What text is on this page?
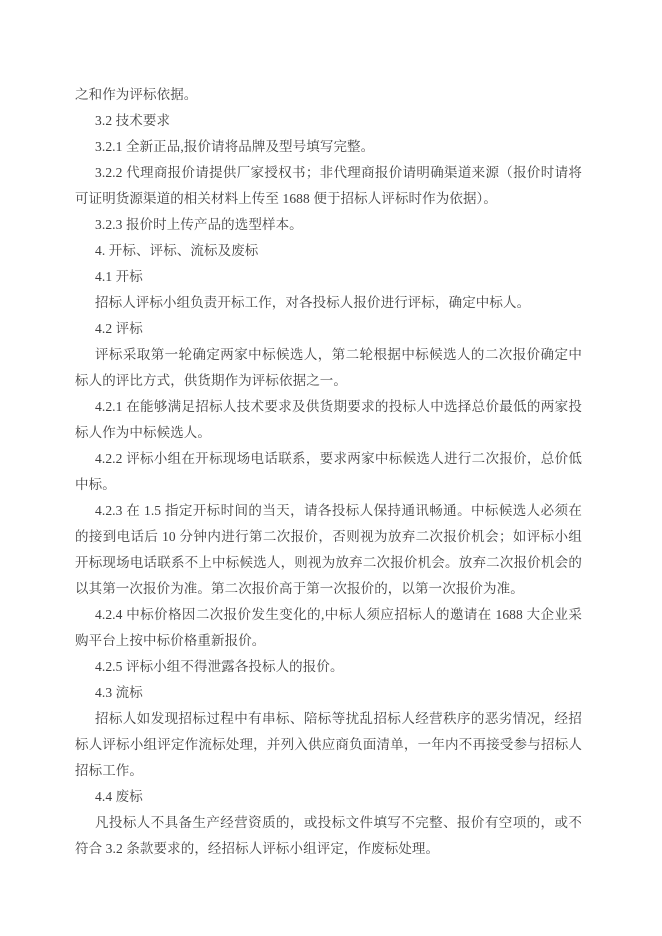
之和作为评标依据。

3.2 技术要求

3.2.1 全新正品,报价请将品牌及型号填写完整。

3.2.2 代理商报价请提供厂家授权书；非代理商报价请明确渠道来源（报价时请将可证明货源渠道的相关材料上传至 1688 便于招标人评标时作为依据）。

3.2.3 报价时上传产品的选型样本。

4. 开标、评标、流标及废标

4.1 开标

招标人评标小组负责开标工作，对各投标人报价进行评标，确定中标人。

4.2 评标

评标采取第一轮确定两家中标候选人，第二轮根据中标候选人的二次报价确定中标人的评比方式，供货期作为评标依据之一。

4.2.1 在能够满足招标人技术要求及供货期要求的投标人中选择总价最低的两家投标人作为中标候选人。

4.2.2 评标小组在开标现场电话联系，要求两家中标候选人进行二次报价，总价低中标。

4.2.3 在 1.5 指定开标时间的当天，请各投标人保持通讯畅通。中标候选人必须在的接到电话后 10 分钟内进行第二次报价，否则视为放弃二次报价机会；如评标小组开标现场电话联系不上中标候选人，则视为放弃二次报价机会。放弃二次报价机会的以其第一次报价为准。第二次报价高于第一次报价的，以第一次报价为准。

4.2.4 中标价格因二次报价发生变化的,中标人须应招标人的邀请在 1688 大企业采购平台上按中标价格重新报价。

4.2.5 评标小组不得泄露各投标人的报价。

4.3 流标

招标人如发现招标过程中有串标、陪标等扰乱招标人经营秩序的恶劣情况，经招标人评标小组评定作流标处理，并列入供应商负面清单，一年内不再接受参与招标人招标工作。

4.4 废标

凡投标人不具备生产经营资质的，或投标文件填写不完整、报价有空项的，或不符合 3.2 条款要求的，经招标人评标小组评定，作废标处理。
